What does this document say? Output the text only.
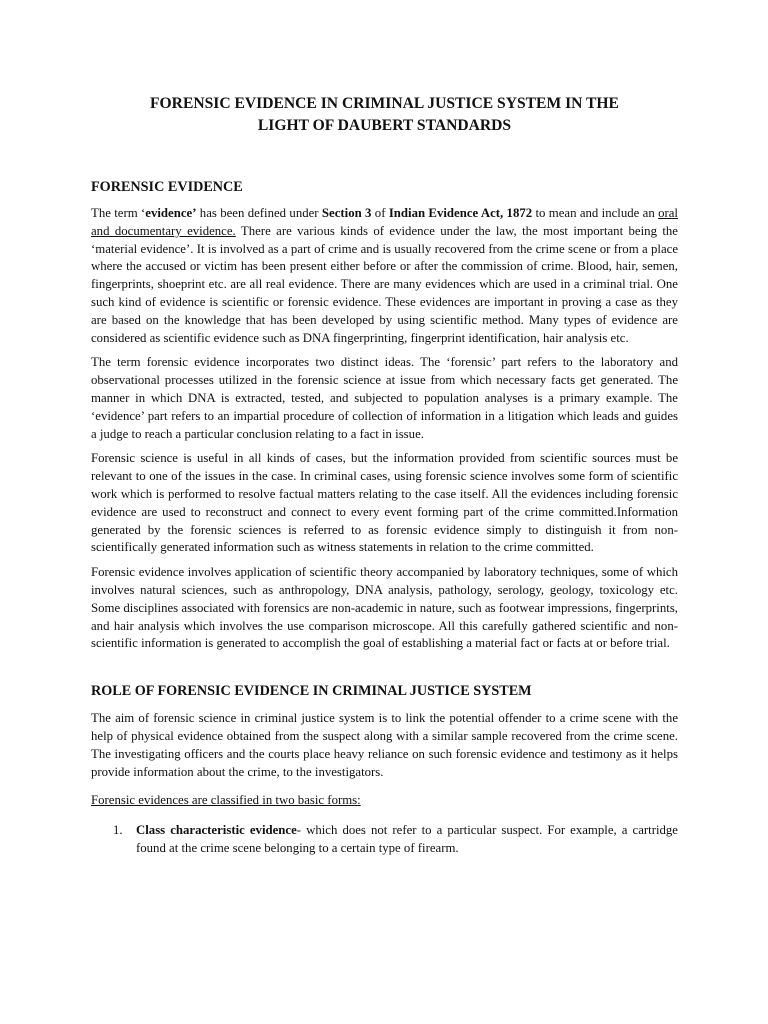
FORENSIC EVIDENCE IN CRIMINAL JUSTICE SYSTEM IN THE
LIGHT OF DAUBERT STANDARDS
FORENSIC EVIDENCE

The term ‘evidence’ has been defined under Section 3 of Indian Evidence Act, 1872 to mean and include an oral and documentary evidence. There are various kinds of evidence under the law, the most important being the ‘material evidence’. It is involved as a part of crime and is usually recovered from the crime scene or from a place where the accused or victim has been present either before or after the commission of crime. Blood, hair, semen, fingerprints, shoeprint etc. are all real evidence. There are many evidences which are used in a criminal trial. One such kind of evidence is scientific or forensic evidence. These evidences are important in proving a case as they are based on the knowledge that has been developed by using scientific method. Many types of evidence are considered as scientific evidence such as DNA fingerprinting, fingerprint identification, hair analysis etc.

The term forensic evidence incorporates two distinct ideas. The ‘forensic’ part refers to the laboratory and observational processes utilized in the forensic science at issue from which necessary facts get generated. The manner in which DNA is extracted, tested, and subjected to population analyses is a primary example. The ‘evidence’ part refers to an impartial procedure of collection of information in a litigation which leads and guides a judge to reach a particular conclusion relating to a fact in issue.

Forensic science is useful in all kinds of cases, but the information provided from scientific sources must be relevant to one of the issues in the case. In criminal cases, using forensic science involves some form of scientific work which is performed to resolve factual matters relating to the case itself. All the evidences including forensic evidence are used to reconstruct and connect to every event forming part of the crime committed.Information generated by the forensic sciences is referred to as forensic evidence simply to distinguish it from non-scientifically generated information such as witness statements in relation to the crime committed.

Forensic evidence involves application of scientific theory accompanied by laboratory techniques, some of which involves natural sciences, such as anthropology, DNA analysis, pathology, serology, geology, toxicology etc. Some disciplines associated with forensics are non-academic in nature, such as footwear impressions, fingerprints, and hair analysis which involves the use comparison microscope. All this carefully gathered scientific and non- scientific information is generated to accomplish the goal of establishing a material fact or facts at or before trial.

ROLE OF FORENSIC EVIDENCE IN CRIMINAL JUSTICE SYSTEM

The aim of forensic science in criminal justice system is to link the potential offender to a crime scene with the help of physical evidence obtained from the suspect along with a similar sample recovered from the crime scene. The investigating officers and the courts place heavy reliance on such forensic evidence and testimony as it helps provide information about the crime, to the investigators.

Forensic evidences are classified in two basic forms:

1. Class characteristic evidence- which does not refer to a particular suspect. For example, a cartridge found at the crime scene belonging to a certain type of firearm.
